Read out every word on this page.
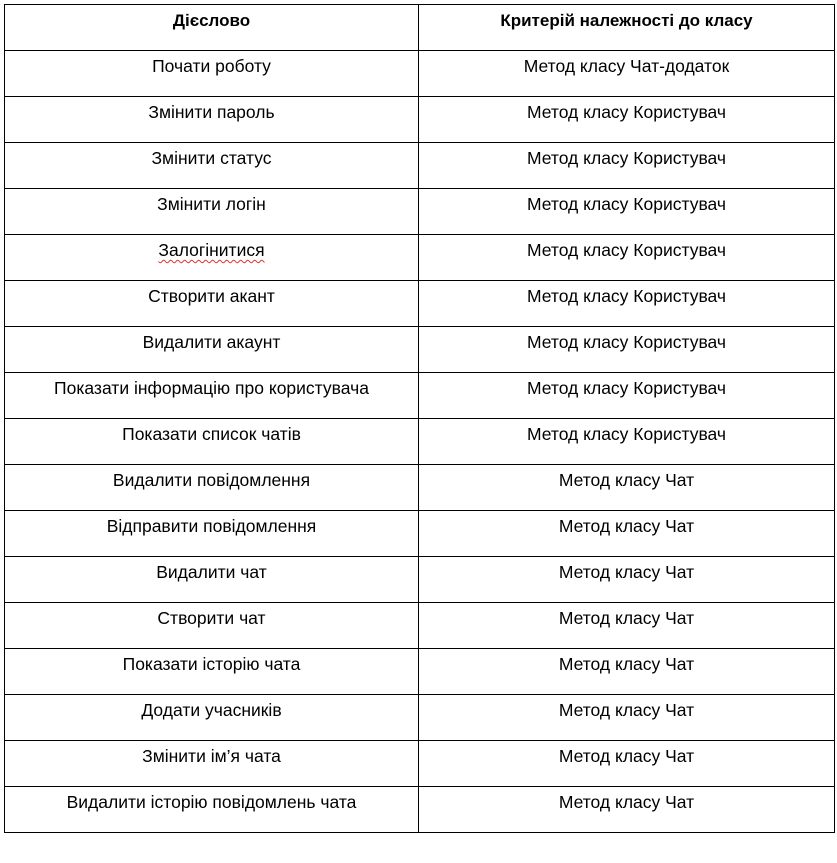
Дієслово	Критерій належності до класу

Почати роботу	Метод класу Чат-додаток

Змінити пароль	Метод класу Користувач

Змінити статус	Метод класу Користувач

Змінити логін	Метод класу Користувач

Залогінитися	Метод класу Користувач

Створити акант	Метод класу Користувач

Видалити акаунт	Метод класу Користувач

Показати інформацію про користувача	Метод класу Користувач

Показати список чатів	Метод класу Користувач

Видалити повідомлення	Метод класу Чат

Відправити повідомлення	Метод класу Чат

Видалити чат	Метод класу Чат

Створити чат	Метод класу Чат

Показати історію чата	Метод класу Чат

Додати учасників	Метод класу Чат

Змінити ім’я чата	Метод класу Чат

Видалити історію повідомлень чата	Метод класу Чат
